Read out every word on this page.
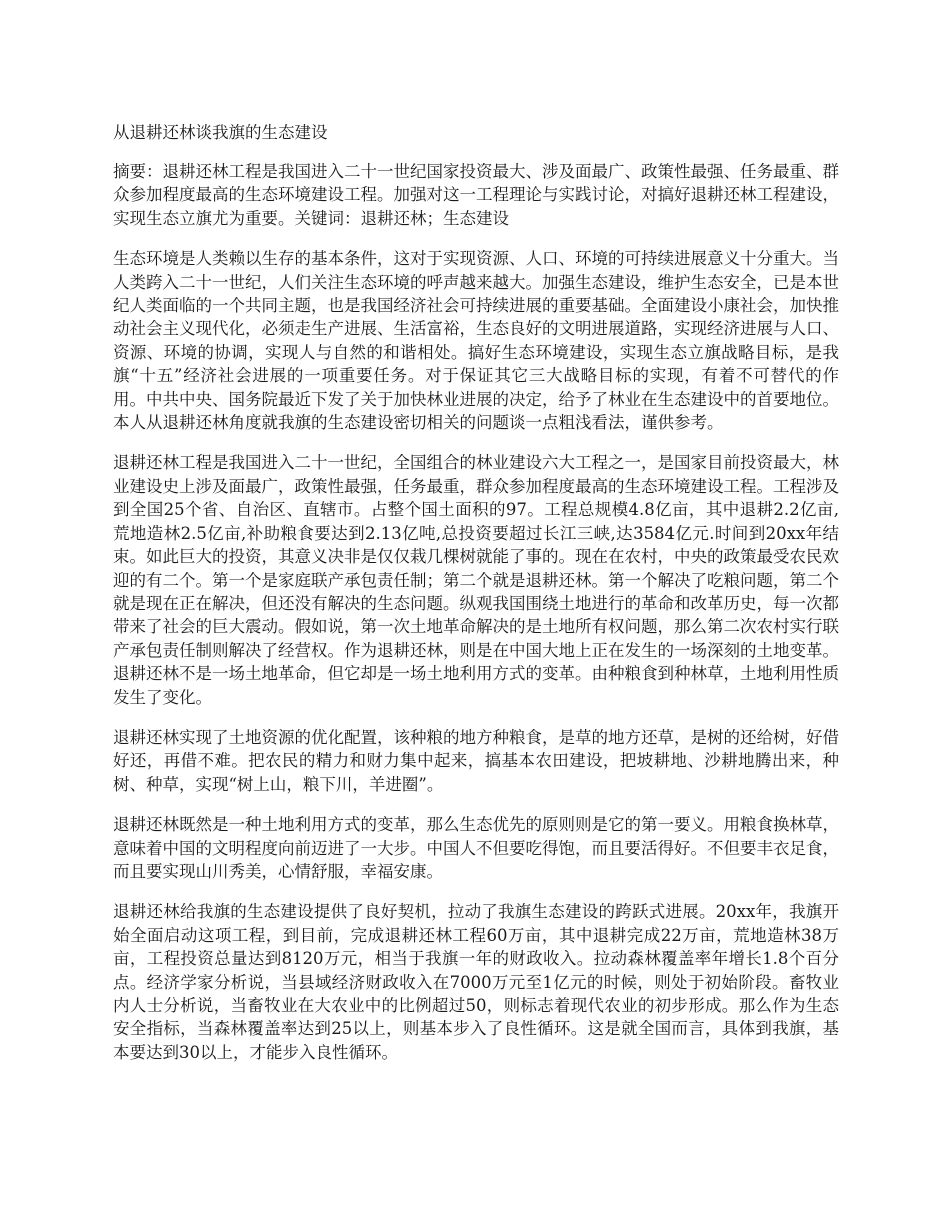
从退耕还林谈我旗的生态建设

摘要：退耕还林工程是我国进入二十一世纪国家投资最大、涉及面最广、政策性最强、任务最重、群众参加程度最高的生态环境建设工程。加强对这一工程理论与实践讨论，对搞好退耕还林工程建设，实现生态立旗尤为重要。关键词：退耕还林；生态建设

生态环境是人类赖以生存的基本条件，这对于实现资源、人口、环境的可持续进展意义十分重大。当人类跨入二十一世纪，人们关注生态环境的呼声越来越大。加强生态建设，维护生态安全，已是本世纪人类面临的一个共同主题，也是我国经济社会可持续进展的重要基础。全面建设小康社会，加快推动社会主义现代化，必须走生产进展、生活富裕，生态良好的文明进展道路，实现经济进展与人口、资源、环境的协调，实现人与自然的和谐相处。搞好生态环境建设，实现生态立旗战略目标，是我旗“十五”经济社会进展的一项重要任务。对于保证其它三大战略目标的实现，有着不可替代的作用。中共中央、国务院最近下发了关于加快林业进展的决定，给予了林业在生态建设中的首要地位。本人从退耕还林角度就我旗的生态建设密切相关的问题谈一点粗浅看法，谨供参考。

退耕还林工程是我国进入二十一世纪，全国组合的林业建设六大工程之一，是国家目前投资最大，林业建设史上涉及面最广，政策性最强，任务最重，群众参加程度最高的生态环境建设工程。工程涉及到全国25个省、自治区、直辖市。占整个国土面积的97。工程总规模4.8亿亩，其中退耕2.2亿亩,荒地造林2.5亿亩,补助粮食要达到2.13亿吨,总投资要超过长江三峡,达3584亿元.时间到20xx年结束。如此巨大的投资，其意义决非是仅仅栽几棵树就能了事的。现在在农村，中央的政策最受农民欢迎的有二个。第一个是家庭联产承包责任制；第二个就是退耕还林。第一个解决了吃粮问题，第二个就是现在正在解决，但还没有解决的生态问题。纵观我国围绕土地进行的革命和改革历史，每一次都带来了社会的巨大震动。假如说，第一次土地革命解决的是土地所有权问题，那么第二次农村实行联产承包责任制则解决了经营权。作为退耕还林，则是在中国大地上正在发生的一场深刻的土地变革。退耕还林不是一场土地革命，但它却是一场土地利用方式的变革。由种粮食到种林草，土地利用性质发生了变化。

退耕还林实现了土地资源的优化配置，该种粮的地方种粮食，是草的地方还草，是树的还给树，好借好还，再借不难。把农民的精力和财力集中起来，搞基本农田建设，把坡耕地、沙耕地腾出来，种树、种草，实现“树上山，粮下川，羊进圈”。

退耕还林既然是一种土地利用方式的变革，那么生态优先的原则则是它的第一要义。用粮食换林草，意味着中国的文明程度向前迈进了一大步。中国人不但要吃得饱，而且要活得好。不但要丰衣足食，而且要实现山川秀美，心情舒服，幸福安康。

退耕还林给我旗的生态建设提供了良好契机，拉动了我旗生态建设的跨跃式进展。20xx年，我旗开始全面启动这项工程，到目前，完成退耕还林工程60万亩，其中退耕完成22万亩，荒地造林38万亩，工程投资总量达到8120万元，相当于我旗一年的财政收入。拉动森林覆盖率年增长1.8个百分点。经济学家分析说，当县域经济财政收入在7000万元至1亿元的时候，则处于初始阶段。畜牧业内人士分析说，当畜牧业在大农业中的比例超过50，则标志着现代农业的初步形成。那么作为生态安全指标，当森林覆盖率达到25以上，则基本步入了良性循环。这是就全国而言，具体到我旗，基本要达到30以上，才能步入良性循环。
